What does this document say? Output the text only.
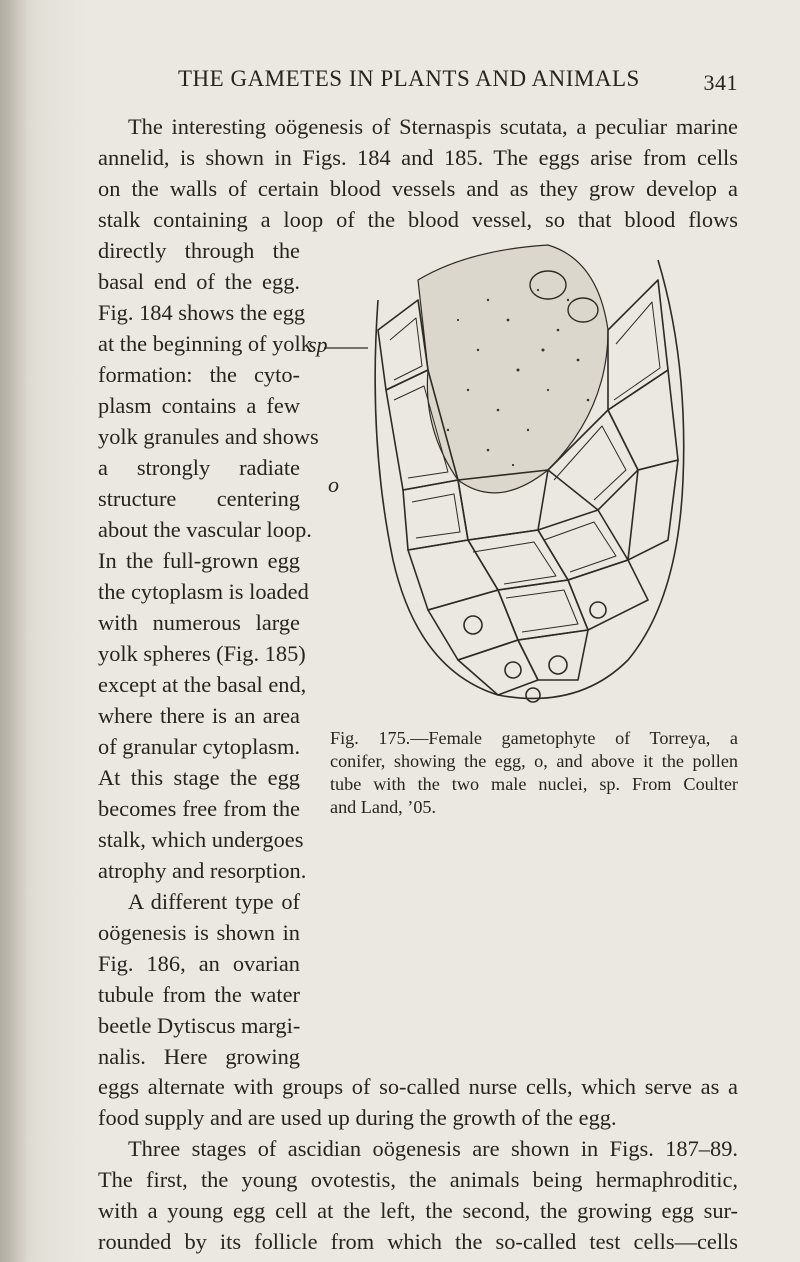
THE GAMETES IN PLANTS AND ANIMALS	341
The interesting oögenesis of Sternaspis scutata, a peculiar marine
annelid, is shown in Figs. 184 and 185. The eggs arise from cells
on the walls of certain blood vessels and as they grow develop a
stalk containing a loop of the blood vessel, so that blood flows
directly through the
basal end of the egg.
Fig. 184 shows the egg
at the beginning of yolk
formation: the cyto-
plasm contains a few
yolk granules and shows
a strongly radiate
structure centering
about the vascular loop.
In the full-grown egg
the cytoplasm is loaded
with numerous large
yolk spheres (Fig. 185)
except at the basal end,
where there is an area
of granular cytoplasm.
At this stage the egg
becomes free from the
stalk, which undergoes
atrophy and resorption.
A different type of
oögenesis is shown in
Fig. 186, an ovarian
tubule from the water
beetle Dytiscus margi-
nalis. Here growing
sp
o
Fig. 175.—Female gametophyte of Torreya, a
conifer, showing the egg, o, and above it the pollen
tube with the two male nuclei, sp. From Coulter
and Land, ’05.
eggs alternate with groups of so-called nurse cells, which serve as a
food supply and are used up during the growth of the egg.
Three stages of ascidian oögenesis are shown in Figs. 187–89.
The first, the young ovotestis, the animals being hermaphroditic,
with a young egg cell at the left, the second, the growing egg sur-
rounded by its follicle from which the so-called test cells—cells
